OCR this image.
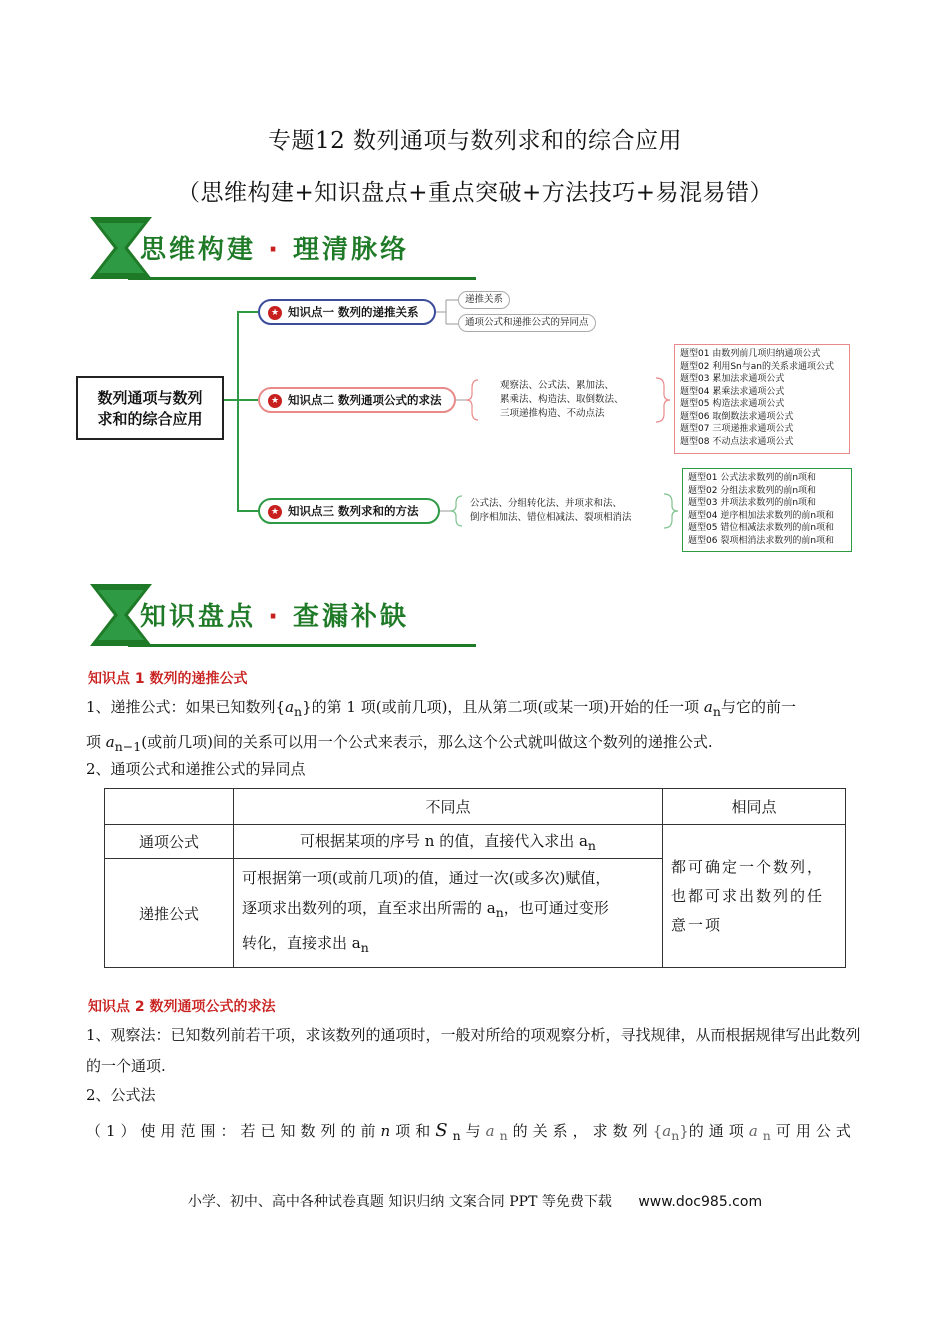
专题12 数列通项与数列求和的综合应用
（思维构建+知识盘点+重点突破+方法技巧+易混易错）
思维构建 · 理清脉络
数列通项与数列
求和的综合应用
★ 知识点一 数列的递推关系
递推关系
通项公式和递推公式的异同点
★ 知识点二 数列通项公式的求法
观察法、公式法、累加法、
累乘法、构造法、取倒数法、
三项递推构造、不动点法
题型01 由数列前几项归纳通项公式
题型02 利用Sn与an的关系求通项公式
题型03 累加法求通项公式
题型04 累乘法求通项公式
题型05 构造法求通项公式
题型06 取倒数法求通项公式
题型07 三项递推求通项公式
题型08 不动点法求通项公式
★ 知识点三 数列求和的方法
公式法、分组转化法、并项求和法、
倒序相加法、错位相减法、裂项相消法
题型01 公式法求数列的前n项和
题型02 分组法求数列的前n项和
题型03 并项法求数列的前n项和
题型04 逆序相加法求数列的前n项和
题型05 错位相减法求数列的前n项和
题型06 裂项相消法求数列的前n项和
知识盘点 · 查漏补缺
知识点 1 数列的递推公式
1、递推公式：如果已知数列$\{a_n\}$的第 1 项(或前几项)，且从第二项(或某一项)开始的任一项 $a_n$与它的前一
项 $a_{n-1}$(或前几项)间的关系可以用一个公式来表示，那么这个公式就叫做这个数列的递推公式.
2、通项公式和递推公式的异同点
	不同点	相同点
通项公式	可根据某项的序号 n 的值，直接代入求出 $a_n$	都可确定一个数列，也都可求出数列的任意一项
递推公式	可根据第一项(或前几项)的值，通过一次(或多次)赋值，
逐项求出数列的项，直至求出所需的 $a_n$，也可通过变形
转化，直接求出 $a_n$
知识点 2 数列通项公式的求法
1、观察法：已知数列前若干项，求该数列的通项时，一般对所给的项观察分析，寻找规律，从而根据规律写出此数列的一个通项.
2、公式法
（1）使用范围：若已知数列的前n项和$S_n$与$a_n$的关系，求数列$\{a_n\}$的通项$a_n$可用公式
小学、初中、高中各种试卷真题 知识归纳 文案合同 PPT 等免费下载 www.doc985.com
